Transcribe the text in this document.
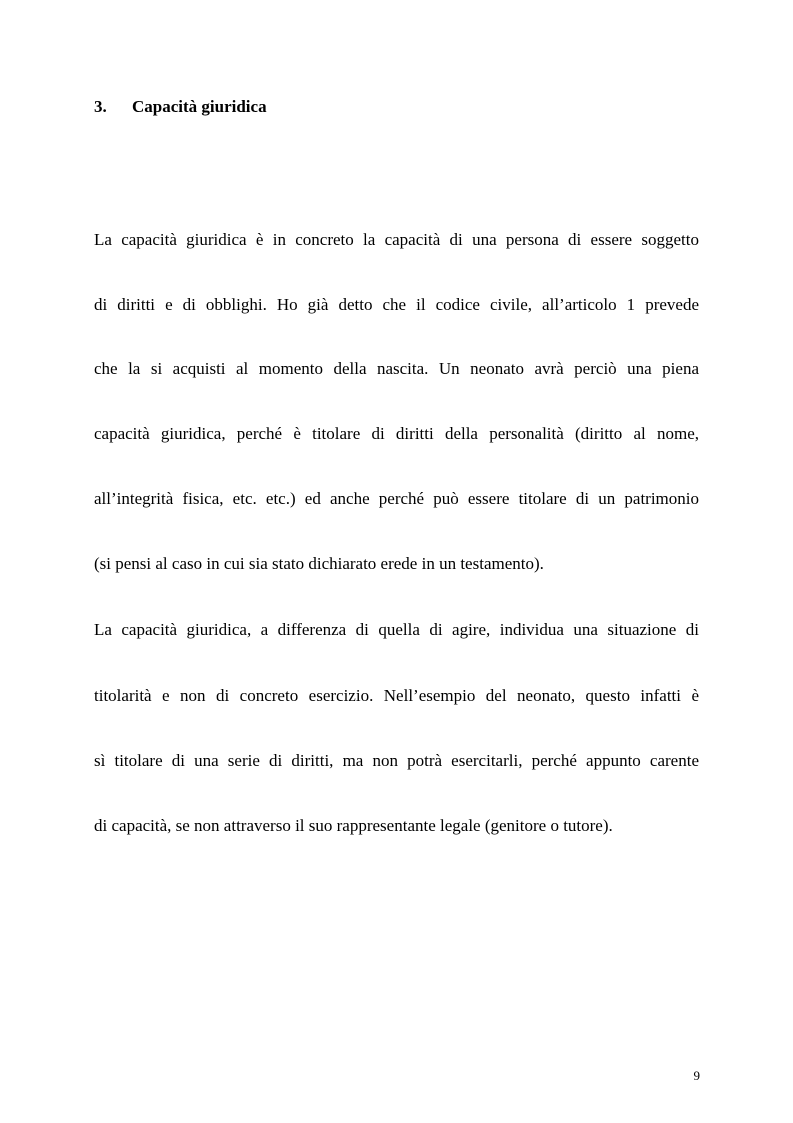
3. Capacità giuridica
La capacità giuridica è in concreto la capacità di una persona di essere soggetto
di diritti e di obblighi. Ho già detto che il codice civile, all’articolo 1 prevede
che la si acquisti al momento della nascita. Un neonato avrà perciò una piena
capacità giuridica, perché è titolare di diritti della personalità (diritto al nome,
all’integrità fisica, etc. etc.) ed anche perché può essere titolare di un patrimonio
(si pensi al caso in cui sia stato dichiarato erede in un testamento).
La capacità giuridica, a differenza di quella di agire, individua una situazione di
titolarità e non di concreto esercizio. Nell’esempio del neonato, questo infatti è
sì titolare di una serie di diritti, ma non potrà esercitarli, perché appunto carente
di capacità, se non attraverso il suo rappresentante legale (genitore o tutore).
9
